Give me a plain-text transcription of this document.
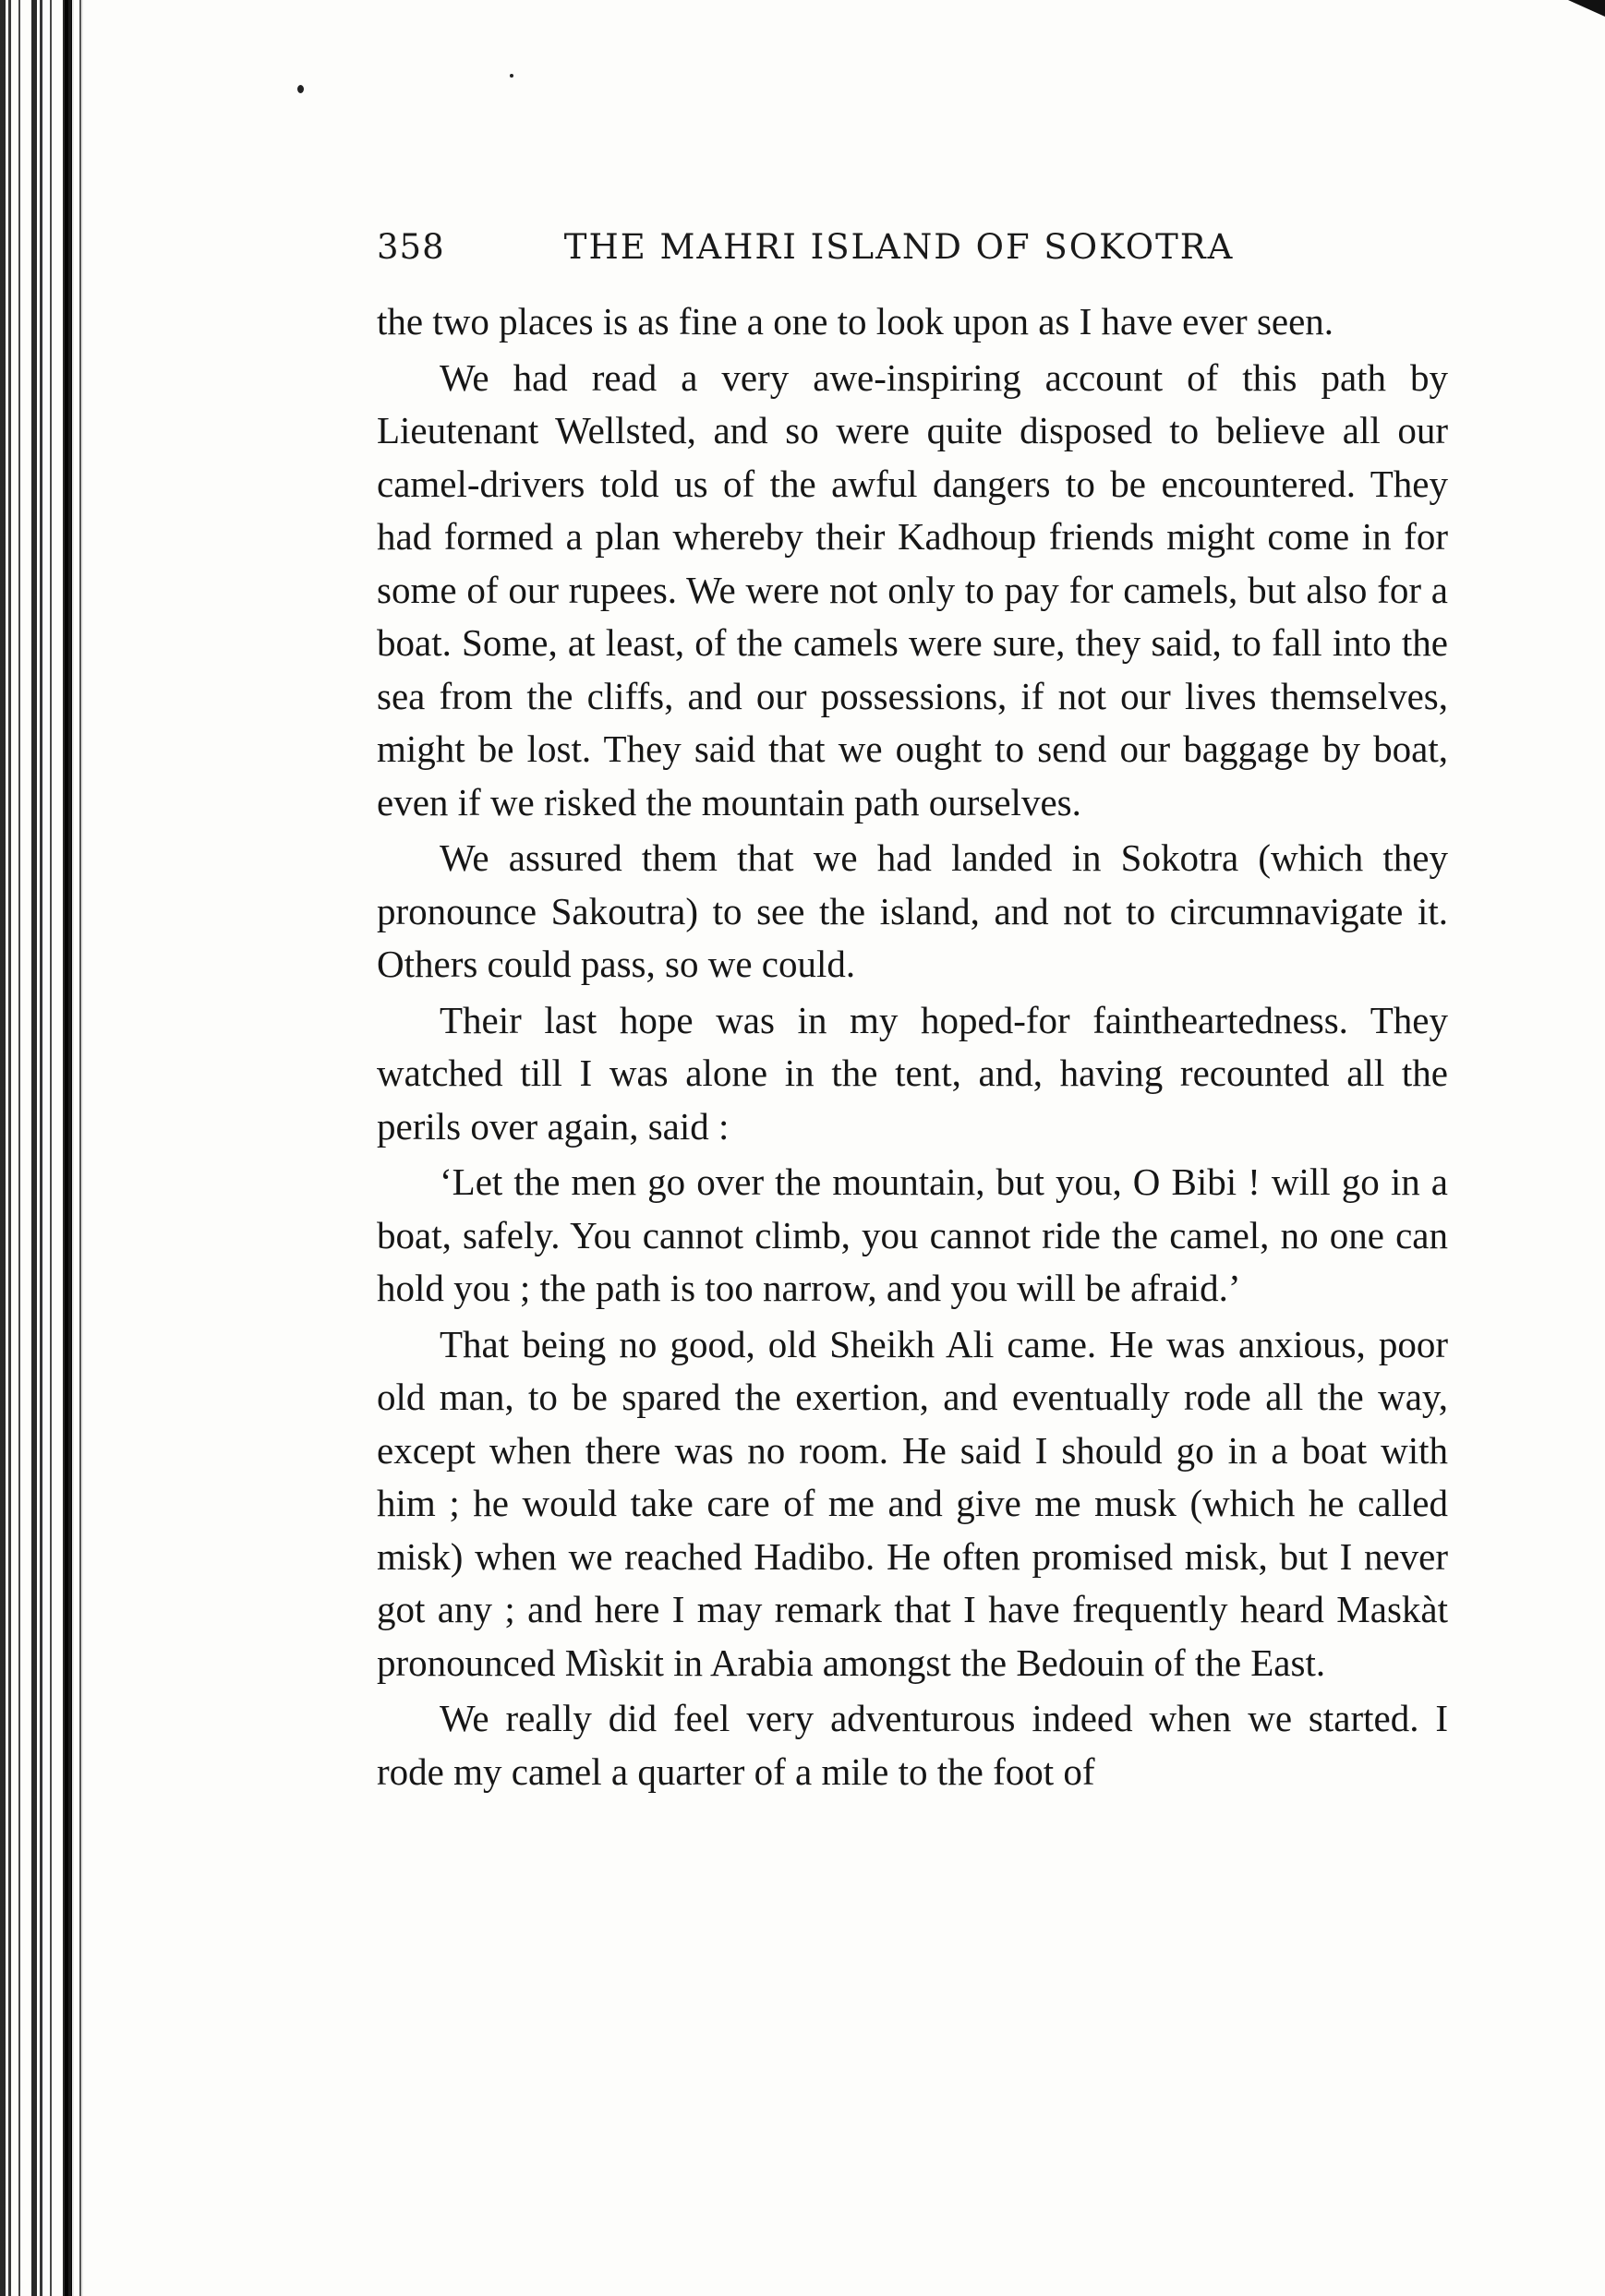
358	THE MAHRI ISLAND OF SOKOTRA

the two places is as fine a one to look upon as I have ever seen.

We had read a very awe-inspiring account of this path by Lieutenant Wellsted, and so were quite disposed to believe all our camel-drivers told us of the awful dangers to be encountered. They had formed a plan whereby their Kadhoup friends might come in for some of our rupees. We were not only to pay for camels, but also for a boat. Some, at least, of the camels were sure, they said, to fall into the sea from the cliffs, and our possessions, if not our lives themselves, might be lost. They said that we ought to send our baggage by boat, even if we risked the mountain path ourselves.

We assured them that we had landed in Sokotra (which they pronounce Sakoutra) to see the island, and not to circumnavigate it. Others could pass, so we could.

Their last hope was in my hoped-for faintheartedness. They watched till I was alone in the tent, and, having recounted all the perils over again, said :

‘Let the men go over the mountain, but you, O Bibi ! will go in a boat, safely. You cannot climb, you cannot ride the camel, no one can hold you ; the path is too narrow, and you will be afraid.’

That being no good, old Sheikh Ali came. He was anxious, poor old man, to be spared the exertion, and eventually rode all the way, except when there was no room. He said I should go in a boat with him ; he would take care of me and give me musk (which he called misk) when we reached Hadibo. He often promised misk, but I never got any ; and here I may remark that I have frequently heard Maskàt pronounced Mìskit in Arabia amongst the Bedouin of the East.

We really did feel very adventurous indeed when we started. I rode my camel a quarter of a mile to the foot of
